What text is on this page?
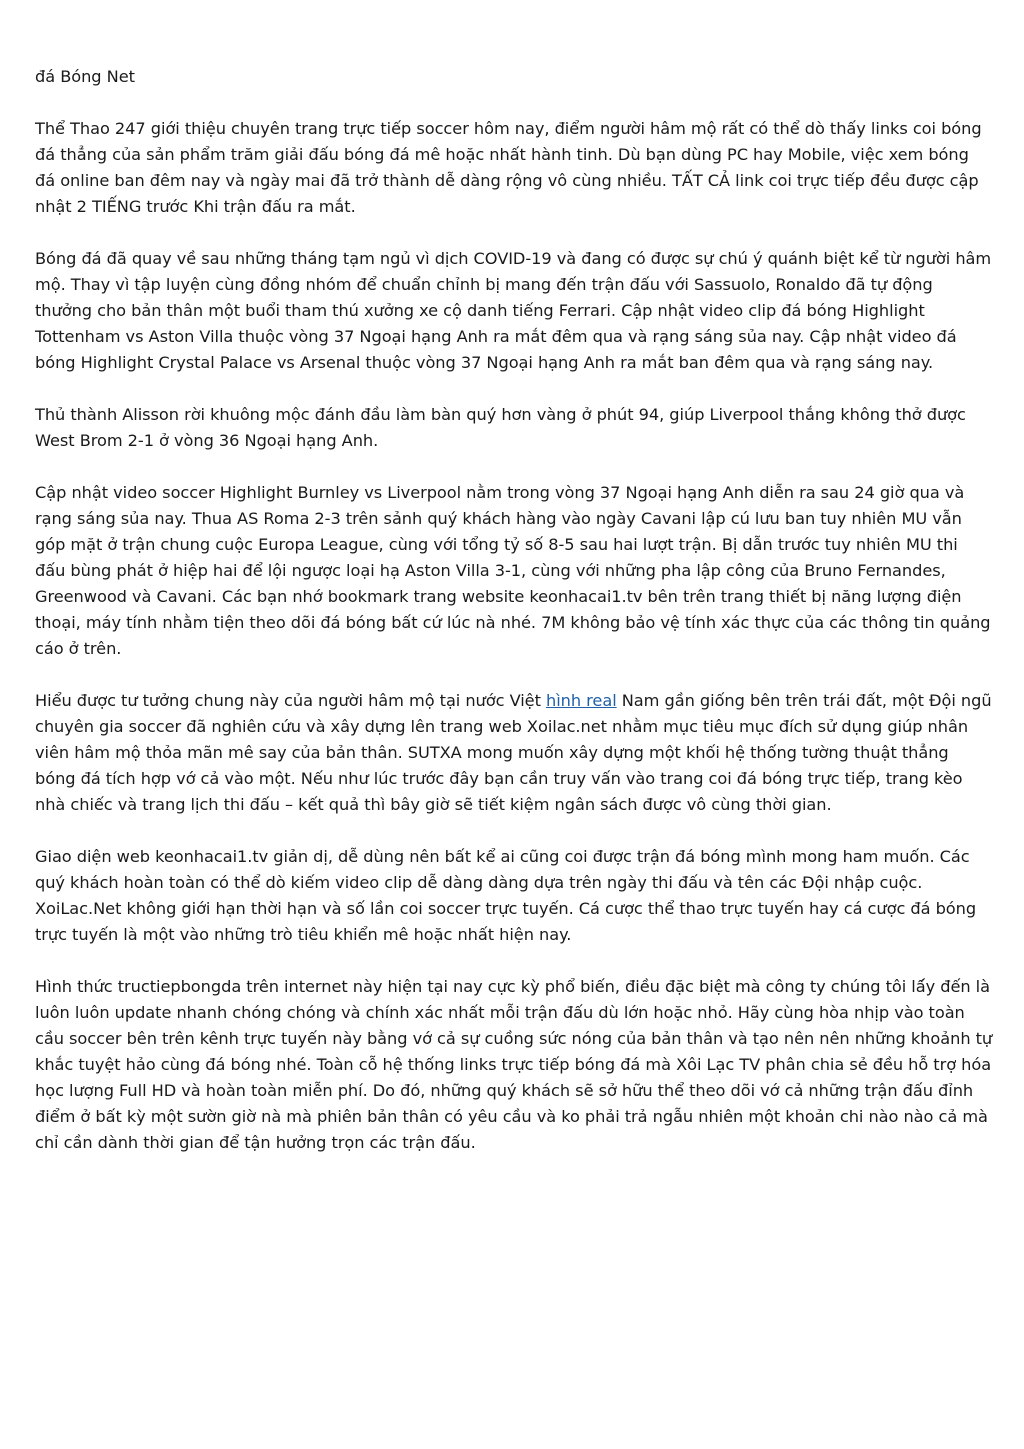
đá Bóng Net

Thể Thao 247 giới thiệu chuyên trang trực tiếp soccer hôm nay, điểm người hâm mộ rất có thể dò thấy links coi bóng đá thẳng của sản phẩm trăm giải đấu bóng đá mê hoặc nhất hành tinh. Dù bạn dùng PC hay Mobile, việc xem bóng đá online ban đêm nay và ngày mai đã trở thành dễ dàng rộng vô cùng nhiều. TẤT CẢ link coi trực tiếp đều được cập nhật 2 TIẾNG trước Khi trận đấu ra mắt.

Bóng đá đã quay về sau những tháng tạm ngủ vì dịch COVID-19 và đang có được sự chú ý quánh biệt kể từ người hâm mộ. Thay vì tập luyện cùng đồng nhóm để chuẩn chỉnh bị mang đến trận đấu với Sassuolo, Ronaldo đã tự động thưởng cho bản thân một buổi tham thú xưởng xe cộ danh tiếng Ferrari. Cập nhật video clip đá bóng Highlight Tottenham vs Aston Villa thuộc vòng 37 Ngoại hạng Anh ra mắt đêm qua và rạng sáng sủa nay. Cập nhật video đá bóng Highlight Crystal Palace vs Arsenal thuộc vòng 37 Ngoại hạng Anh ra mắt ban đêm qua và rạng sáng nay.

Thủ thành Alisson rời khuông mộc đánh đầu làm bàn quý hơn vàng ở phút 94, giúp Liverpool thắng không thở được West Brom 2-1 ở vòng 36 Ngoại hạng Anh.

Cập nhật video soccer Highlight Burnley vs Liverpool nằm trong vòng 37 Ngoại hạng Anh diễn ra sau 24 giờ qua và rạng sáng sủa nay. Thua AS Roma 2-3 trên sảnh quý khách hàng vào ngày Cavani lập cú lưu ban tuy nhiên MU vẫn góp mặt ở trận chung cuộc Europa League, cùng với tổng tỷ số 8-5 sau hai lượt trận. Bị dẫn trước tuy nhiên MU thi đấu bùng phát ở hiệp hai để lội ngược loại hạ Aston Villa 3-1, cùng với những pha lập công của Bruno Fernandes, Greenwood và Cavani. Các bạn nhớ bookmark trang website keonhacai1.tv bên trên trang thiết bị năng lượng điện thoại, máy tính nhằm tiện theo dõi đá bóng bất cứ lúc nà nhé. 7M không bảo vệ tính xác thực của các thông tin quảng cáo ở trên.

Hiểu được tư tưởng chung này của người hâm mộ tại nước Việt hình real Nam gần giống bên trên trái đất, một Đội ngũ chuyên gia soccer đã nghiên cứu và xây dựng lên trang web Xoilac.net nhằm mục tiêu mục đích sử dụng giúp nhân viên hâm mộ thỏa mãn mê say của bản thân. SUTXA mong muốn xây dựng một khối hệ thống tường thuật thẳng bóng đá tích hợp vớ cả vào một. Nếu như lúc trước đây bạn cần truy vấn vào trang coi đá bóng trực tiếp, trang kèo nhà chiếc và trang lịch thi đấu – kết quả thì bây giờ sẽ tiết kiệm ngân sách được vô cùng thời gian.

Giao diện web keonhacai1.tv giản dị, dễ dùng nên bất kể ai cũng coi được trận đá bóng mình mong ham muốn. Các quý khách hoàn toàn có thể dò kiếm video clip dễ dàng dàng dựa trên ngày thi đấu và tên các Đội nhập cuộc. XoiLac.Net không giới hạn thời hạn và số lần coi soccer trực tuyến. Cá cược thể thao trực tuyến hay cá cược đá bóng trực tuyến là một vào những trò tiêu khiển mê hoặc nhất hiện nay.

Hình thức tructiepbongda trên internet này hiện tại nay cực kỳ phổ biến, điều đặc biệt mà công ty chúng tôi lấ́y đến là luôn luôn update nhanh chóng chóng và chính xác nhất mỗi trận đấu dù lớn hoặc nhỏ. Hãy cùng hòa nhịp vào toàn cầu soccer bên trên kênh trực tuyến này bằng vớ cả sự cuồng sức nóng của bản thân và tạo nên nên những khoảnh tự khắc tuyệt hảo cùng đá bóng nhé. Toàn cỗ hệ thống links trực tiếp bóng đá mà Xôi Lạc TV phân chia sẻ đều hỗ trợ hóa học lượng Full HD và hoàn toàn miễn phí. Do đó, những quý khách sẽ sở hữu thể theo dõi vớ cả những trận đấu đỉnh điểm ở bất kỳ một sườn giờ nà mà phiên bản thân có yêu cầu và ko phải trả ngẫu nhiên một khoản chi nào nào cả mà chỉ cần dành thời gian để tận hưởng trọn các trận đấu.
